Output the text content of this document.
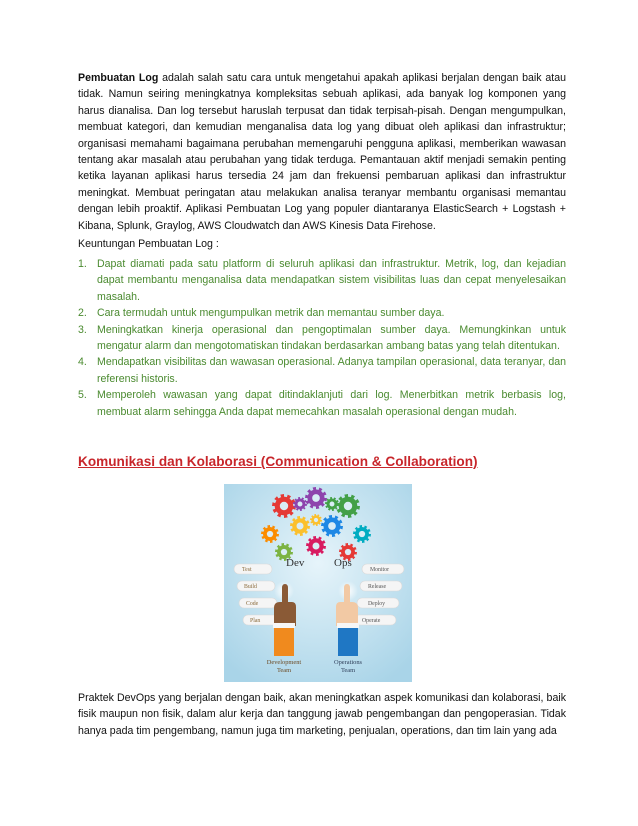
Pembuatan Log adalah salah satu cara untuk mengetahui apakah aplikasi berjalan dengan baik atau tidak. Namun seiring meningkatnya kompleksitas sebuah aplikasi, ada banyak log komponen yang harus dianalisa. Dan log tersebut haruslah terpusat dan tidak terpisah-pisah. Dengan mengumpulkan, membuat kategori, dan kemudian menganalisa data log yang dibuat oleh aplikasi dan infrastruktur; organisasi memahami bagaimana perubahan memengaruhi pengguna aplikasi, memberikan wawasan tentang akar masalah atau perubahan yang tidak terduga. Pemantauan aktif menjadi semakin penting ketika layanan aplikasi harus tersedia 24 jam dan frekuensi pembaruan aplikasi dan infrastruktur meningkat. Membuat peringatan atau melakukan analisa teranyar membantu organisasi memantau dengan lebih proaktif. Aplikasi Pembuatan Log yang populer diantaranya ElasticSearch + Logstash + Kibana, Splunk, Graylog, AWS Cloudwatch dan AWS Kinesis Data Firehose.

Keuntungan Pembuatan Log :

1. Dapat diamati pada satu platform di seluruh aplikasi dan infrastruktur. Metrik, log, dan kejadian dapat membantu menganalisa data mendapatkan sistem visibilitas luas dan cepat menyelesaikan masalah.
2. Cara termudah untuk mengumpulkan metrik dan memantau sumber daya.
3. Meningkatkan kinerja operasional dan pengoptimalan sumber daya. Memungkinkan untuk mengatur alarm dan mengotomatiskan tindakan berdasarkan ambang batas yang telah ditentukan.
4. Mendapatkan visibilitas dan wawasan operasional. Adanya tampilan operasional, data teranyar, dan referensi historis.
5. Memperoleh wawasan yang dapat ditindaklanjuti dari log. Menerbitkan metrik berbasis log, membuat alarm sehingga Anda dapat memecahkan masalah operasional dengan mudah.
Komunikasi dan Kolaborasi (Communication & Collaboration)
Dev	Ops
Test
Build
Code
Plan
Monitor
Release
Deploy
Operate
Development
Team
Operations
Team

Praktek DevOps yang berjalan dengan baik, akan meningkatkan aspek komunikasi dan kolaborasi, baik fisik maupun non fisik, dalam alur kerja dan tanggung jawab pengembangan dan pengoperasian. Tidak hanya pada tim pengembang, namun juga tim marketing, penjualan, operations, dan tim lain yang ada
